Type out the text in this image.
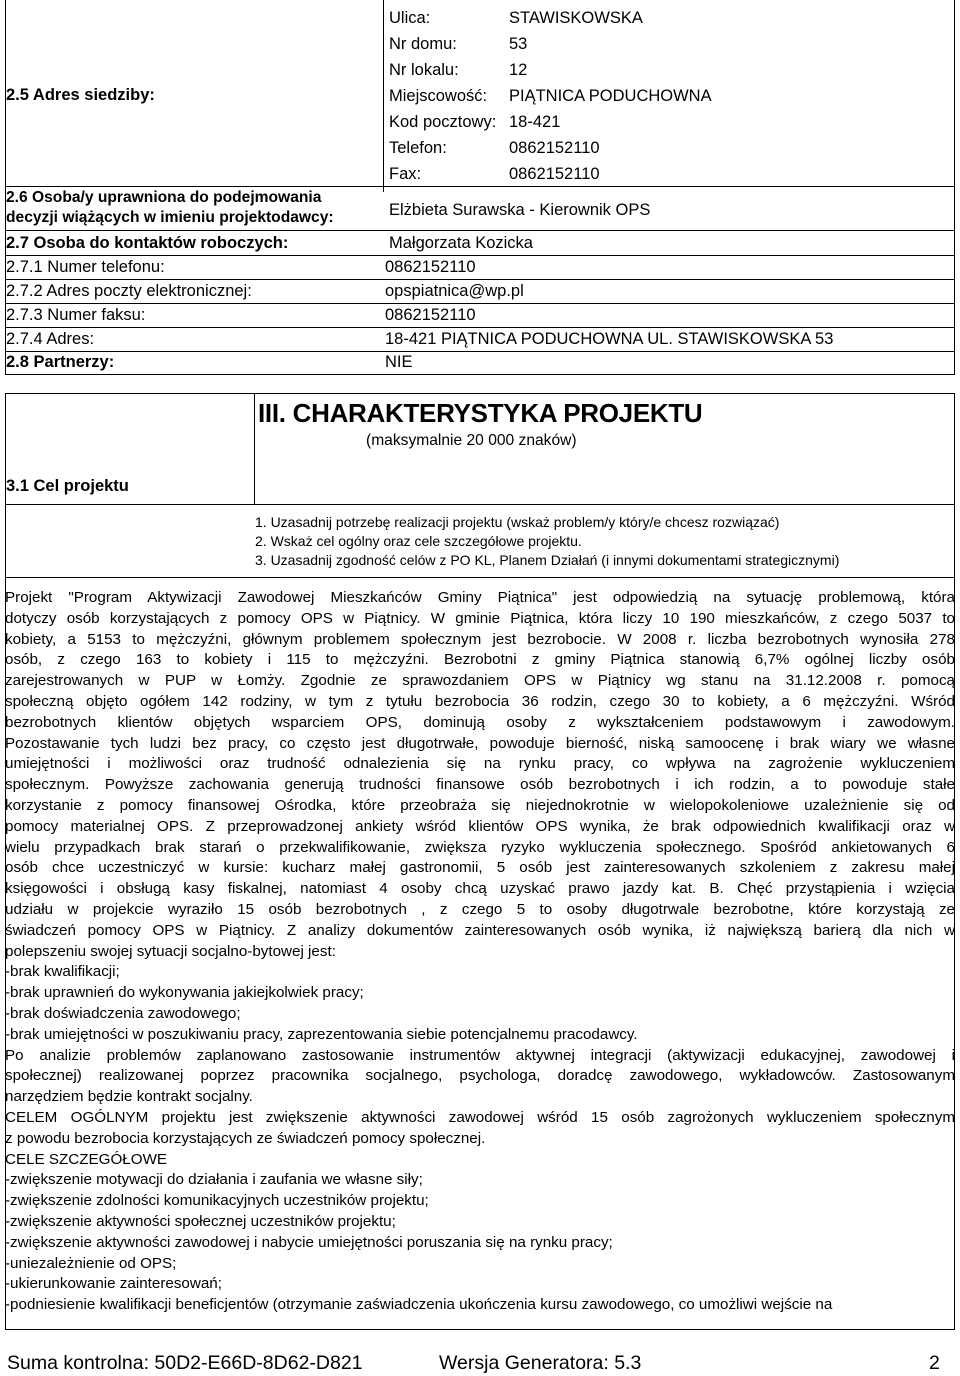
2.5 Adres siedziby:
Ulica:	STAWISKOWSKA
Nr domu:	53
Nr lokalu:	12
Miejscowość: PIĄTNICA PODUCHOWNA
Kod pocztowy: 18-421
Telefon:	0862152110
Fax:	0862152110
2.6 Osoba/y uprawniona do podejmowania
decyzji wiążących w imieniu projektodawcy:	Elżbieta Surawska - Kierownik OPS
2.7 Osoba do kontaktów roboczych:	Małgorzata Kozicka
2.7.1 Numer telefonu:	0862152110
2.7.2 Adres poczty elektronicznej:	opspiatnica@wp.pl
2.7.3 Numer faksu:	0862152110
2.7.4 Adres:	18-421 PIĄTNICA PODUCHOWNA UL. STAWISKOWSKA 53
2.8 Partnerzy:	NIE
III. CHARAKTERYSTYKA PROJEKTU
(maksymalnie 20 000 znaków)
3.1 Cel projektu
1. Uzasadnij potrzebę realizacji projektu (wskaż problem/y który/e chcesz rozwiązać)
2. Wskaż cel ogólny oraz cele szczegółowe projektu.
3. Uzasadnij zgodność celów z PO KL, Planem Działań (i innymi dokumentami strategicznymi)
Projekt "Program Aktywizacji Zawodowej Mieszkańców Gminy Piątnica" jest odpowiedzią na sytuację problemową, która
dotyczy osób korzystających z pomocy OPS w Piątnicy. W gminie Piątnica, która liczy 10 190 mieszkańców, z czego 5037 to
kobiety, a 5153 to mężczyźni, głównym problemem społecznym jest bezrobocie. W 2008 r. liczba bezrobotnych wynosiła 278
osób, z czego 163 to kobiety i 115 to mężczyźni. Bezrobotni z gminy Piątnica stanowią 6,7% ogólnej liczby osób
zarejestrowanych w PUP w Łomży. Zgodnie ze sprawozdaniem OPS w Piątnicy wg stanu na 31.12.2008 r. pomocą
społeczną objęto ogółem 142 rodziny, w tym z tytułu bezrobocia 36 rodzin, czego 30 to kobiety, a 6 mężczyźni. Wśród
bezrobotnych klientów objętych wsparciem OPS, dominują osoby z wykształceniem podstawowym i zawodowym.
Pozostawanie tych ludzi bez pracy, co często jest długotrwałe, powoduje bierność, niską samoocenę i brak wiary we własne
umiejętności i możliwości oraz trudność odnalezienia się na rynku pracy, co wpływa na zagrożenie wykluczeniem
społecznym. Powyższe zachowania generują trudności finansowe osób bezrobotnych i ich rodzin, a to powoduje stałe
korzystanie z pomocy finansowej Ośrodka, które przeobraża się niejednokrotnie w wielopokoleniowe uzależnienie się od
pomocy materialnej OPS. Z przeprowadzonej ankiety wśród klientów OPS wynika, że brak odpowiednich kwalifikacji oraz w
wielu przypadkach brak starań o przekwalifikowanie, zwiększa ryzyko wykluczenia społecznego. Spośród ankietowanych 6
osób chce uczestniczyć w kursie: kucharz małej gastronomii, 5 osób jest zainteresowanych szkoleniem z zakresu małej
księgowości i obsługą kasy fiskalnej, natomiast 4 osoby chcą uzyskać prawo jazdy kat. B. Chęć przystąpienia i wzięcia
udziału w projekcie wyraziło 15 osób bezrobotnych , z czego 5 to osoby długotrwale bezrobotne, które korzystają ze
świadczeń pomocy OPS w Piątnicy. Z analizy dokumentów zainteresowanych osób wynika, iż największą barierą dla nich w
polepszeniu swojej sytuacji socjalno-bytowej jest:
-brak kwalifikacji;
-brak uprawnień do wykonywania jakiejkolwiek pracy;
-brak doświadczenia zawodowego;
-brak umiejętności w poszukiwaniu pracy, zaprezentowania siebie potencjalnemu pracodawcy.
Po analizie problemów zaplanowano zastosowanie instrumentów aktywnej integracji (aktywizacji edukacyjnej, zawodowej i
społecznej) realizowanej poprzez pracownika socjalnego, psychologa, doradcę zawodowego, wykładowców. Zastosowanym
narzędziem będzie kontrakt socjalny.
CELEM OGÓLNYM projektu jest zwiększenie aktywności zawodowej wśród 15 osób zagrożonych wykluczeniem społecznym
z powodu bezrobocia korzystających ze świadczeń pomocy społecznej.
CELE SZCZEGÓŁOWE
-zwiększenie motywacji do działania i zaufania we własne siły;
-zwiększenie zdolności komunikacyjnych uczestników projektu;
-zwiększenie aktywności społecznej uczestników projektu;
-zwiększenie aktywności zawodowej i nabycie umiejętności poruszania się na rynku pracy;
-uniezależnienie od OPS;
-ukierunkowanie zainteresowań;
-podniesienie kwalifikacji beneficjentów (otrzymanie zaświadczenia ukończenia kursu zawodowego, co umożliwi wejście na
Suma kontrolna: 50D2-E66D-8D62-D821	Wersja Generatora: 5.3	2
